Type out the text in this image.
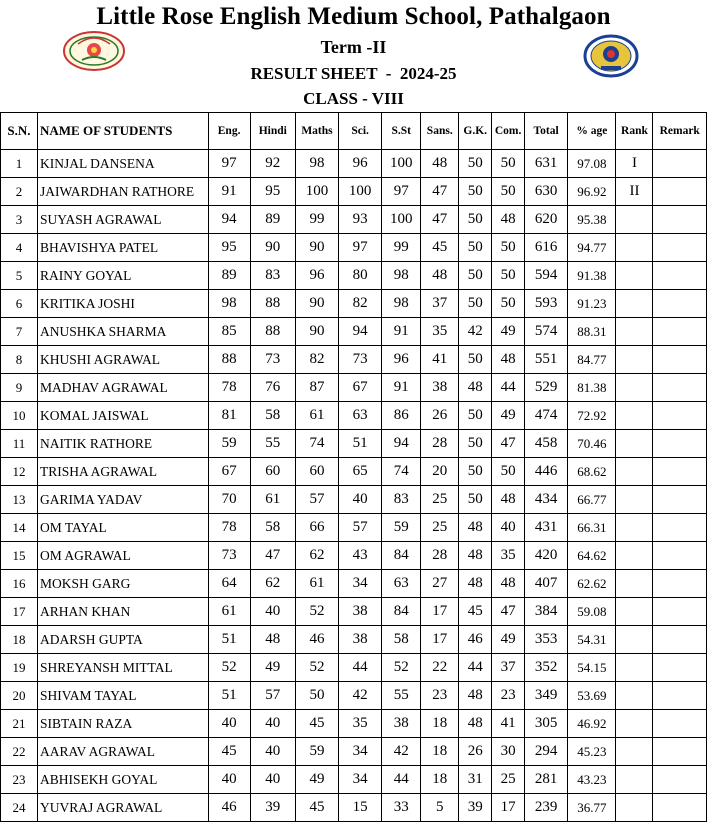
Little Rose English Medium School, Pathalgaon
Term -II
RESULT SHEET  -  2024-25
CLASS - VIII
S.N.	NAME OF STUDENTS	Eng.	Hindi	Maths	Sci.	S.St	Sans.	G.K.	Com.	Total	% age	Rank	Remark
1	KINJAL DANSENA	97	92	98	96	100	48	50	50	631	97.08	I	
2	JAIWARDHAN RATHORE	91	95	100	100	97	47	50	50	630	96.92	II	
3	SUYASH AGRAWAL	94	89	99	93	100	47	50	48	620	95.38		
4	BHAVISHYA PATEL	95	90	90	97	99	45	50	50	616	94.77		
5	RAINY GOYAL	89	83	96	80	98	48	50	50	594	91.38		
6	KRITIKA JOSHI	98	88	90	82	98	37	50	50	593	91.23		
7	ANUSHKA SHARMA	85	88	90	94	91	35	42	49	574	88.31		
8	KHUSHI AGRAWAL	88	73	82	73	96	41	50	48	551	84.77		
9	MADHAV AGRAWAL	78	76	87	67	91	38	48	44	529	81.38		
10	KOMAL JAISWAL	81	58	61	63	86	26	50	49	474	72.92		
11	NAITIK RATHORE	59	55	74	51	94	28	50	47	458	70.46		
12	TRISHA AGRAWAL	67	60	60	65	74	20	50	50	446	68.62		
13	GARIMA YADAV	70	61	57	40	83	25	50	48	434	66.77		
14	OM TAYAL	78	58	66	57	59	25	48	40	431	66.31		
15	OM AGRAWAL	73	47	62	43	84	28	48	35	420	64.62		
16	MOKSH GARG	64	62	61	34	63	27	48	48	407	62.62		
17	ARHAN KHAN	61	40	52	38	84	17	45	47	384	59.08		
18	ADARSH GUPTA	51	48	46	38	58	17	46	49	353	54.31		
19	SHREYANSH MITTAL	52	49	52	44	52	22	44	37	352	54.15		
20	SHIVAM TAYAL	51	57	50	42	55	23	48	23	349	53.69		
21	SIBTAIN RAZA	40	40	45	35	38	18	48	41	305	46.92		
22	AARAV AGRAWAL	45	40	59	34	42	18	26	30	294	45.23		
23	ABHISEKH GOYAL	40	40	49	34	44	18	31	25	281	43.23		
24	YUVRAJ AGRAWAL	46	39	45	15	33	5	39	17	239	36.77		
